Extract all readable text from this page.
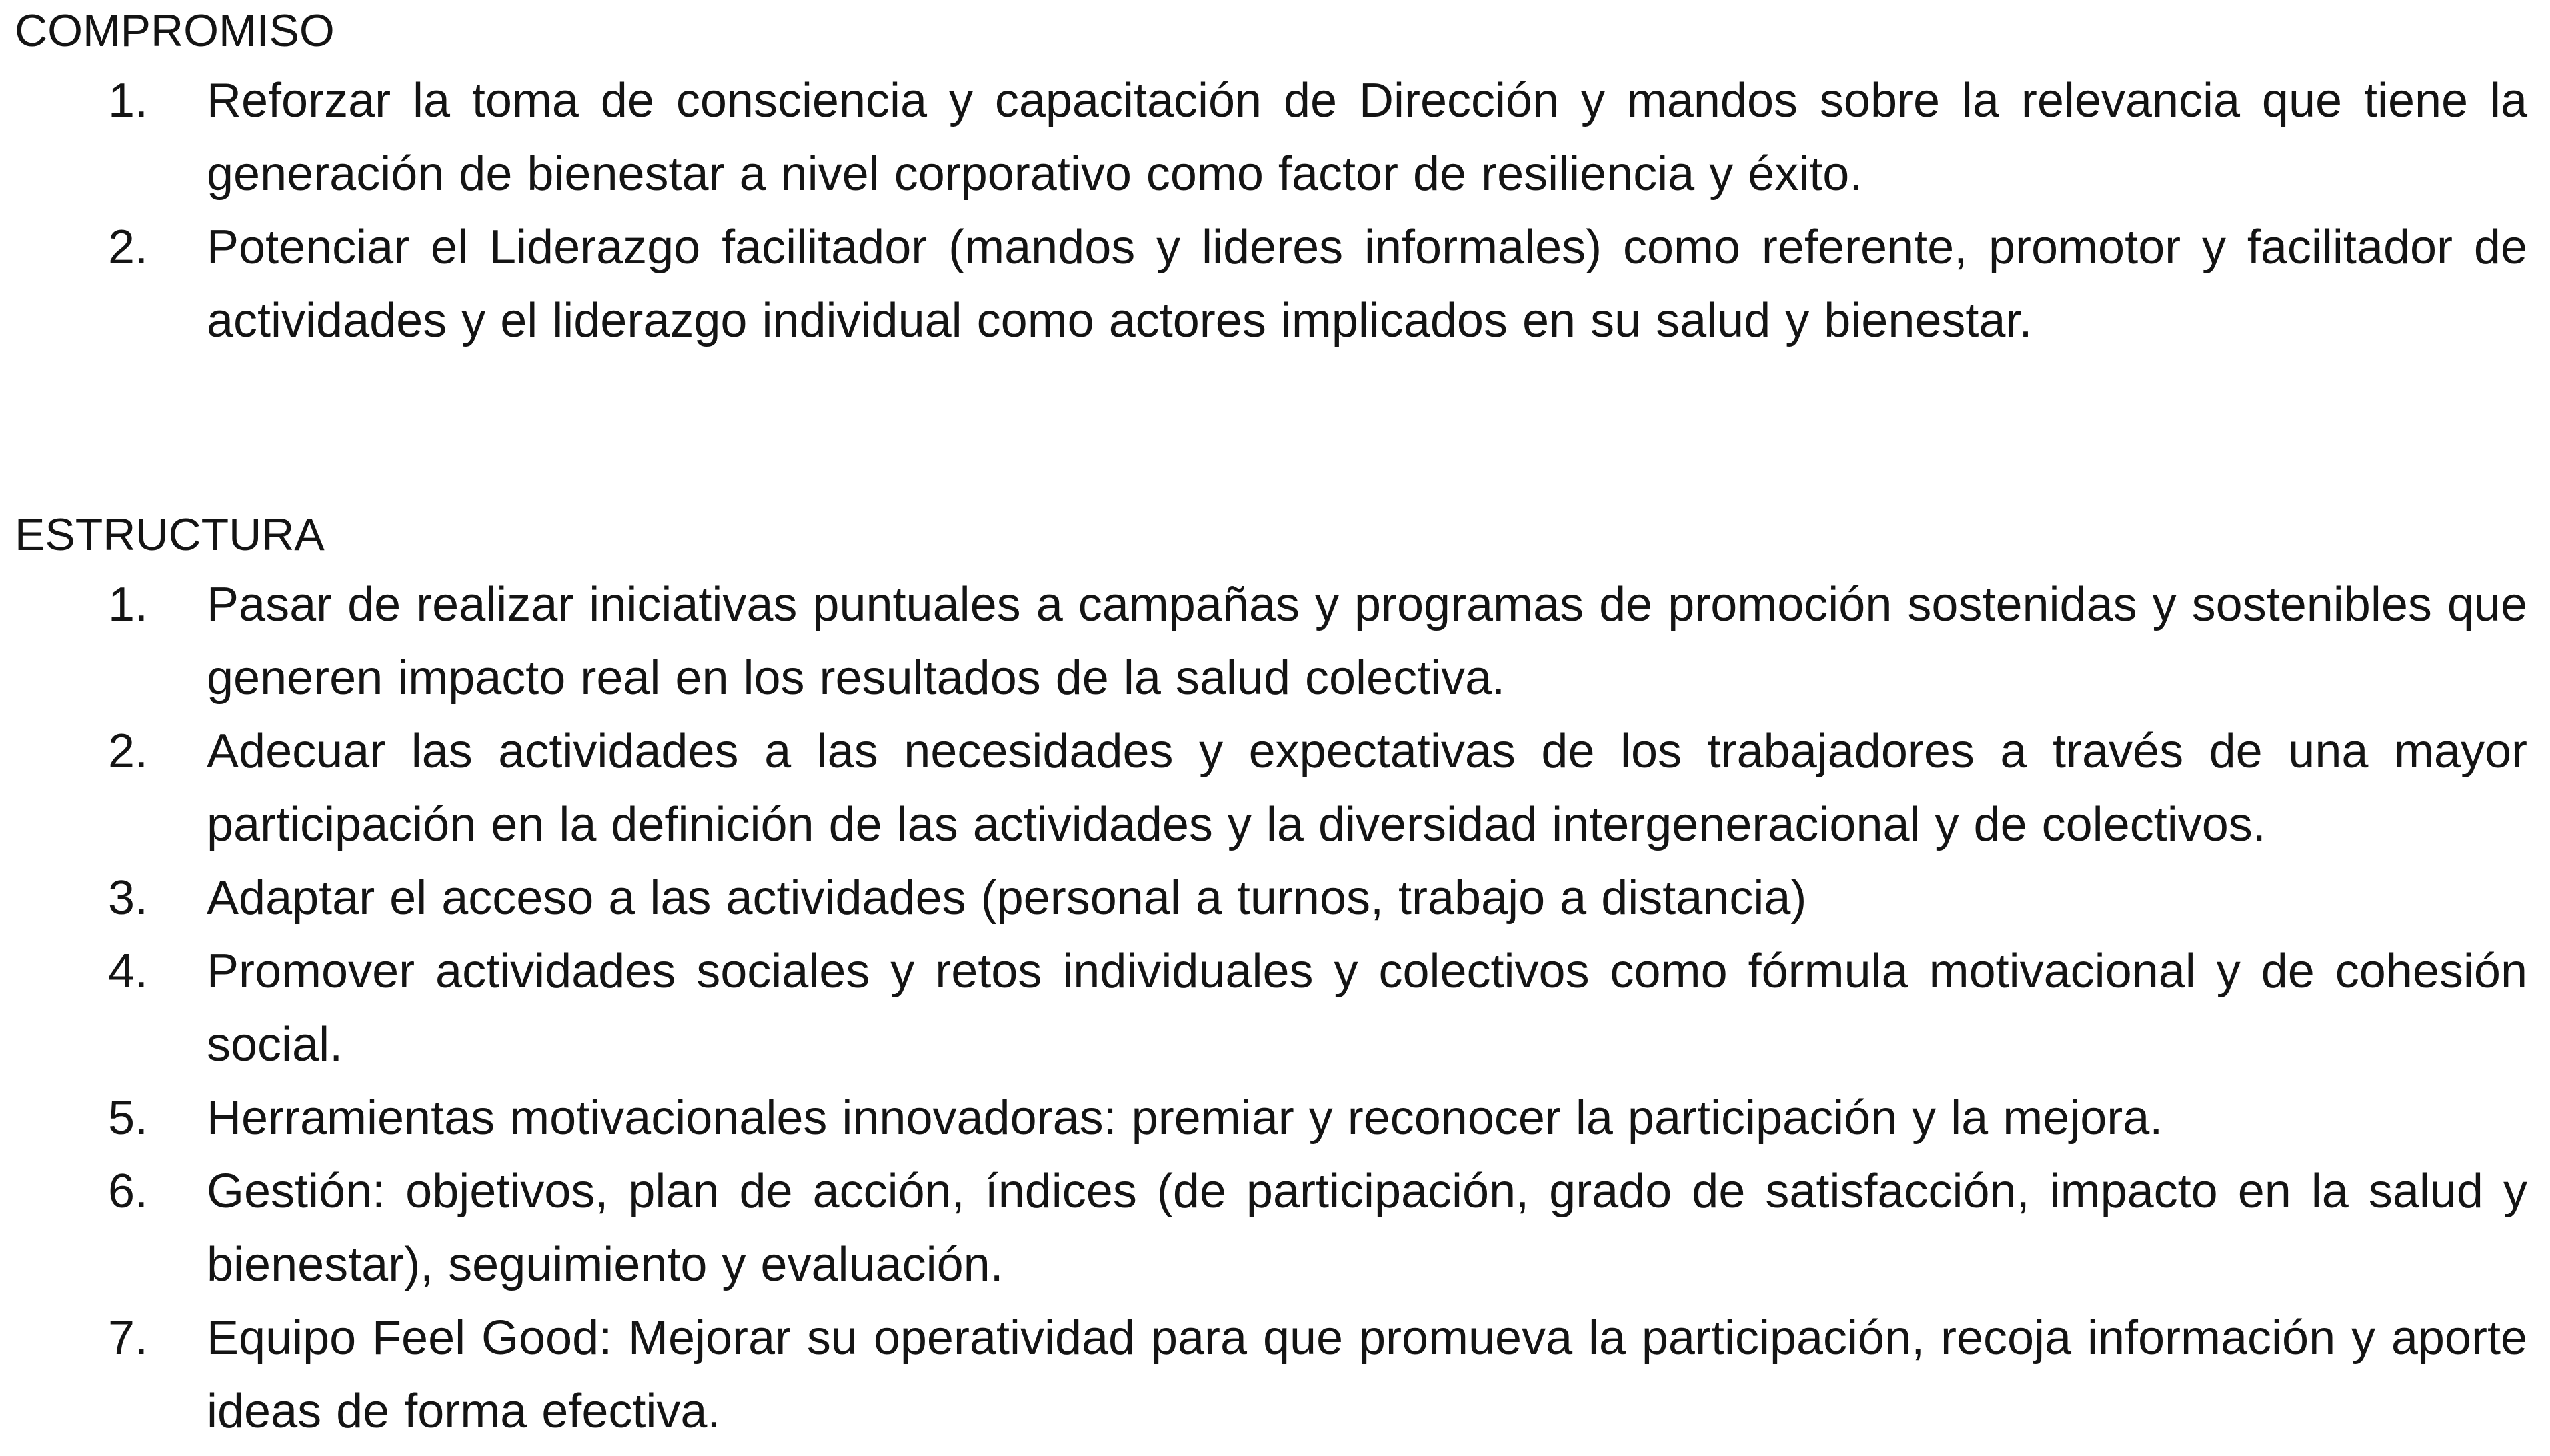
COMPROMISO
1.	Reforzar la toma de consciencia y capacitación de Dirección y mandos sobre la relevancia que tiene la generación de bienestar a nivel corporativo como factor de resiliencia y éxito.
2.	Potenciar el Liderazgo facilitador (mandos y lideres informales) como referente, promotor y facilitador de actividades y el liderazgo individual como actores implicados en su salud y bienestar.
ESTRUCTURA
1.	Pasar de realizar iniciativas puntuales a campañas y programas de promoción sostenidas y sostenibles que generen impacto real en los resultados de la salud colectiva.
2.	Adecuar las actividades a las necesidades y expectativas de los trabajadores a través de una mayor participación en la definición de las actividades y la diversidad intergeneracional y de colectivos.
3.	Adaptar el acceso a las actividades (personal a turnos, trabajo a distancia)
4.	Promover actividades sociales y retos individuales y colectivos como fórmula motivacional y de cohesión social.
5.	Herramientas motivacionales innovadoras: premiar y reconocer la participación y la mejora.
6.	Gestión: objetivos, plan de acción, índices (de participación, grado de satisfacción, impacto en la salud y bienestar), seguimiento y evaluación.
7.	Equipo Feel Good: Mejorar su operatividad para que promueva la participación, recoja información y aporte ideas de forma efectiva.
